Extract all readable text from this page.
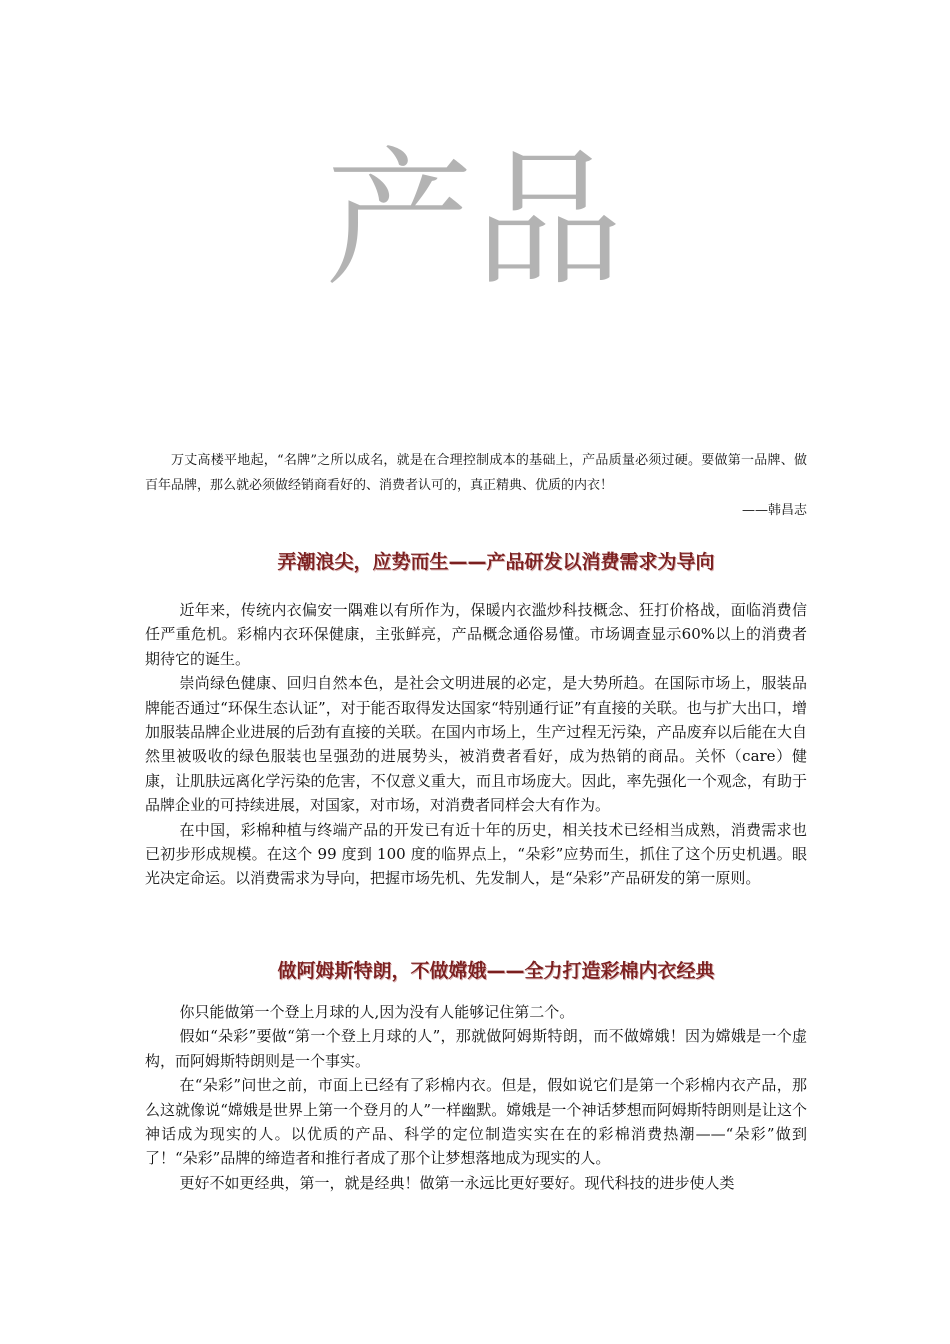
产品

万丈高楼平地起，“名牌”之所以成名，就是在合理控制成本的基础上，产品质量必须过硬。要做第一品牌、做百年品牌，那么就必须做经销商看好的、消费者认可的，真正精典、优质的内衣！

——韩昌志

弄潮浪尖，应势而生——产品研发以消费需求为导向

近年来，传统内衣偏安一隅难以有所作为，保暖内衣滥炒科技概念、狂打价格战，面临消费信任严重危机。彩棉内衣环保健康，主张鲜亮，产品概念通俗易懂。市场调查显示60%以上的消费者期待它的诞生。

崇尚绿色健康、回归自然本色，是社会文明进展的必定，是大势所趋。在国际市场上，服装品牌能否通过“环保生态认证”，对于能否取得发达国家“特别通行证”有直接的关联。也与扩大出口，增加服装品牌企业进展的后劲有直接的关联。在国内市场上，生产过程无污染，产品废弃以后能在大自然里被吸收的绿色服装也呈强劲的进展势头，被消费者看好，成为热销的商品。关怀（care）健康，让肌肤远离化学污染的危害，不仅意义重大，而且市场庞大。因此，率先强化一个观念，有助于品牌企业的可持续进展，对国家，对市场，对消费者同样会大有作为。

在中国，彩棉种植与终端产品的开发已有近十年的历史，相关技术已经相当成熟，消费需求也已初步形成规模。在这个 99 度到 100 度的临界点上，“朵彩”应势而生，抓住了这个历史机遇。眼光决定命运。以消费需求为导向，把握市场先机、先发制人，是“朵彩”产品研发的第一原则。

做阿姆斯特朗，不做嫦娥——全力打造彩棉内衣经典

你只能做第一个登上月球的人,因为没有人能够记住第二个。

假如“朵彩”要做“第一个登上月球的人”，那就做阿姆斯特朗，而不做嫦娥！因为嫦娥是一个虚构，而阿姆斯特朗则是一个事实。

在“朵彩”问世之前，市面上已经有了彩棉内衣。但是，假如说它们是第一个彩棉内衣产品，那么这就像说“嫦娥是世界上第一个登月的人”一样幽默。嫦娥是一个神话梦想而阿姆斯特朗则是让这个神话成为现实的人。以优质的产品、科学的定位制造实实在在的彩棉消费热潮——“朵彩”做到了！“朵彩”品牌的缔造者和推行者成了那个让梦想落地成为现实的人。

更好不如更经典，第一，就是经典！做第一永远比更好要好。现代科技的进步使人类
